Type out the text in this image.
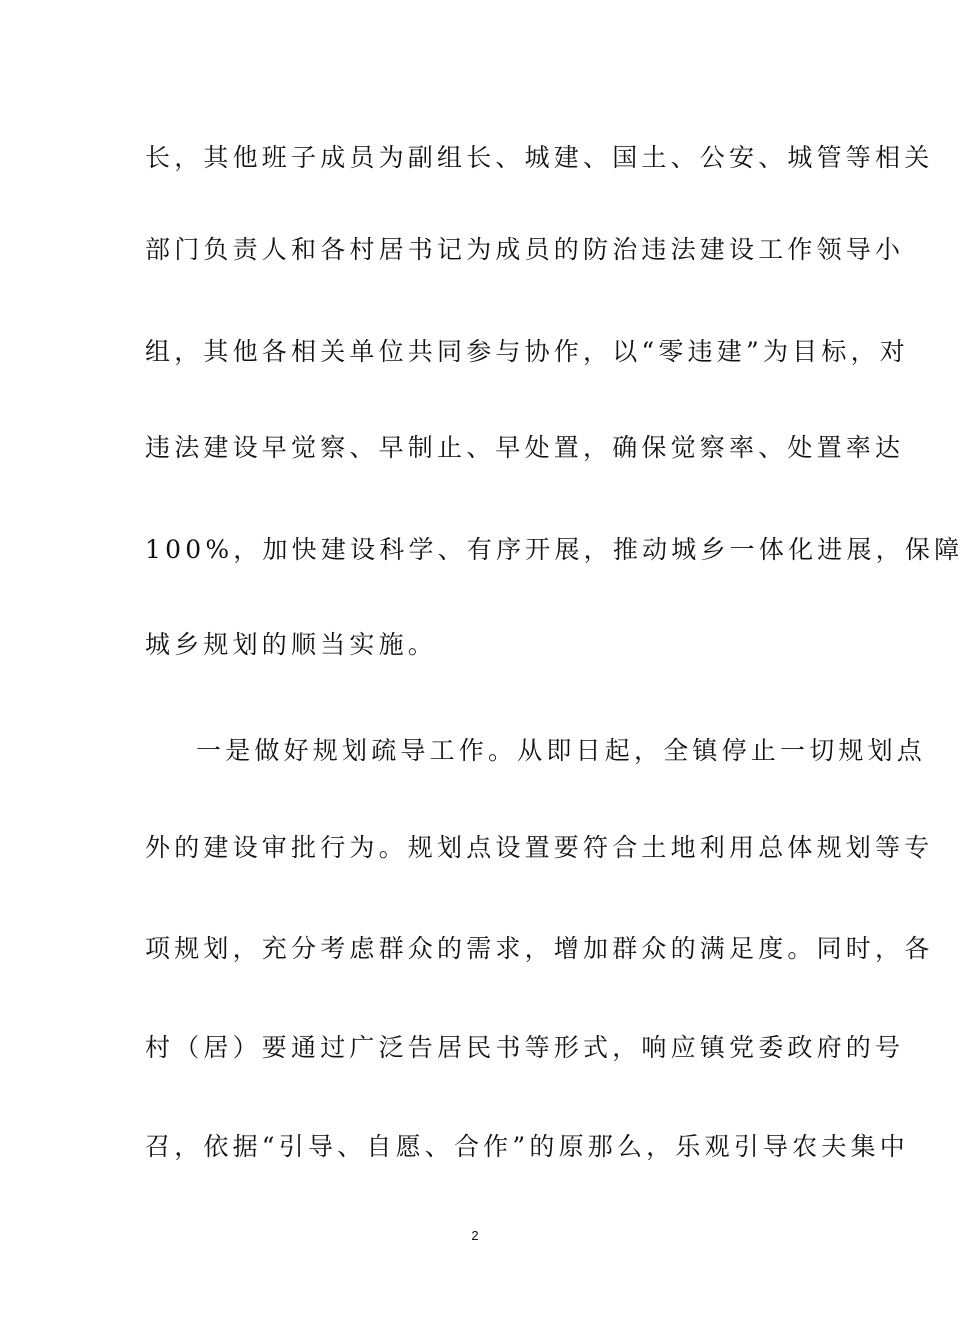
长，其他班子成员为副组长、城建、国土、公安、城管等相关
部门负责人和各村居书记为成员的防治违法建设工作领导小
组，其他各相关单位共同参与协作，以“零违建”为目标，对
违法建设早觉察、早制止、早处置，确保觉察率、处置率达
100%，加快建设科学、有序开展，推动城乡一体化进展，保障
城乡规划的顺当实施。
一是做好规划疏导工作。从即日起，全镇停止一切规划点
外的建设审批行为。规划点设置要符合土地利用总体规划等专
项规划，充分考虑群众的需求，增加群众的满足度。同时，各
村（居）要通过广泛告居民书等形式，响应镇党委政府的号
召，依据“引导、自愿、合作”的原那么，乐观引导农夫集中
2
